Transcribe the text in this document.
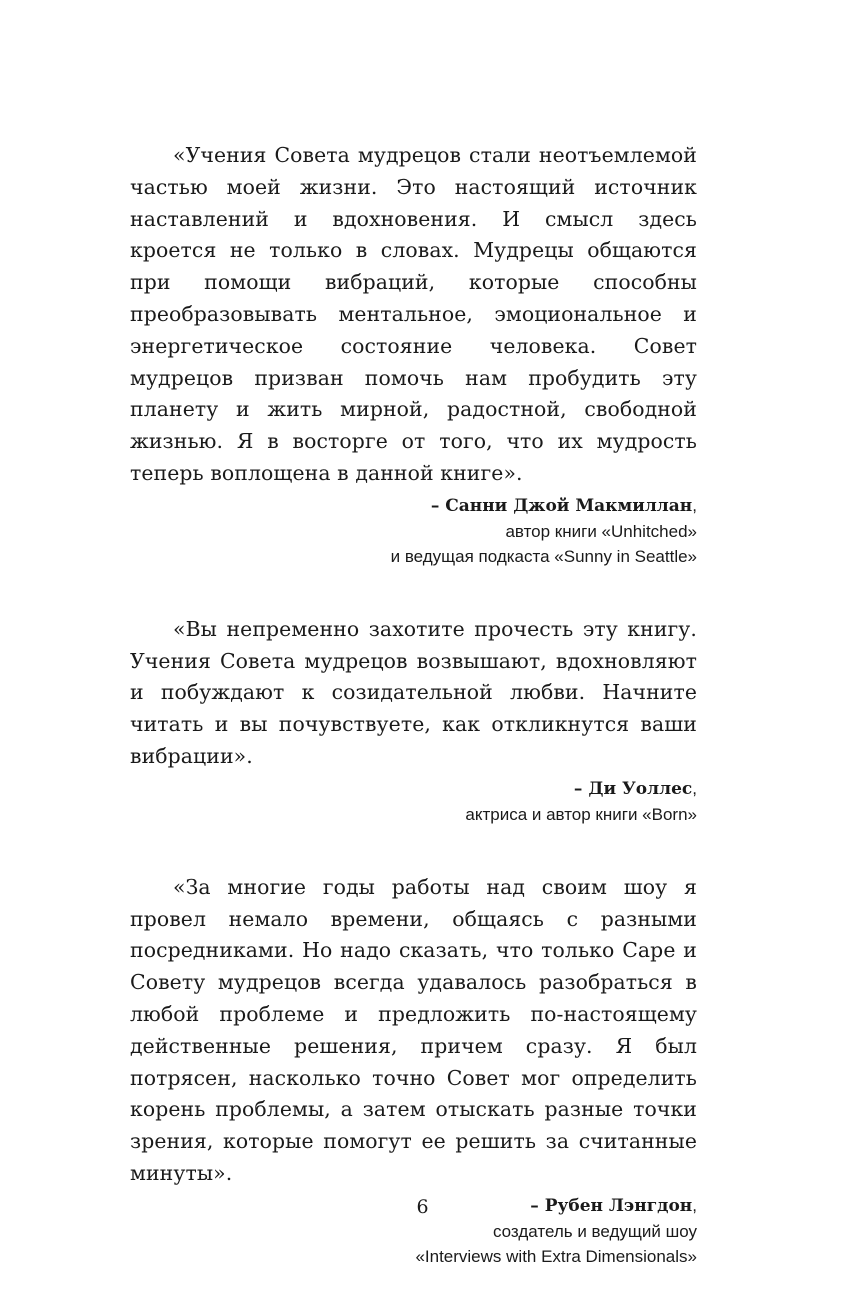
«Учения Совета мудрецов стали неотъемлемой частью моей жизни. Это настоящий источник наставлений и вдохновения. И смысл здесь кроется не только в словах. Мудрецы общаются при помощи вибраций, которые способны преобразовывать ментальное, эмоциональное и энергетическое состояние человека. Совет мудрецов призван помочь нам пробудить эту планету и жить мирной, радостной, свободной жизнью. Я в восторге от того, что их мудрость теперь воплощена в данной книге».

– Санни Джой Макмиллан,
автор книги «Unhitched»
и ведущая подкаста «Sunny in Seattle»

«Вы непременно захотите прочесть эту книгу. Учения Совета мудрецов возвышают, вдохновляют и побуждают к созидательной любви. Начните читать и вы почувствуете, как откликнутся ваши вибрации».

– Ди Уоллес,
актриса и автор книги «Born»

«За многие годы работы над своим шоу я провел немало времени, общаясь с разными посредниками. Но надо сказать, что только Саре и Совету мудрецов всегда удавалось разобраться в любой проблеме и предложить по-настоящему действенные решения, причем сразу. Я был потрясен, насколько точно Совет мог определить корень проблемы, а затем отыскать разные точки зрения, которые помогут ее решить за считанные минуты».

– Рубен Лэнгдон,
создатель и ведущий шоу
«Interviews with Extra Dimensionals»
6
